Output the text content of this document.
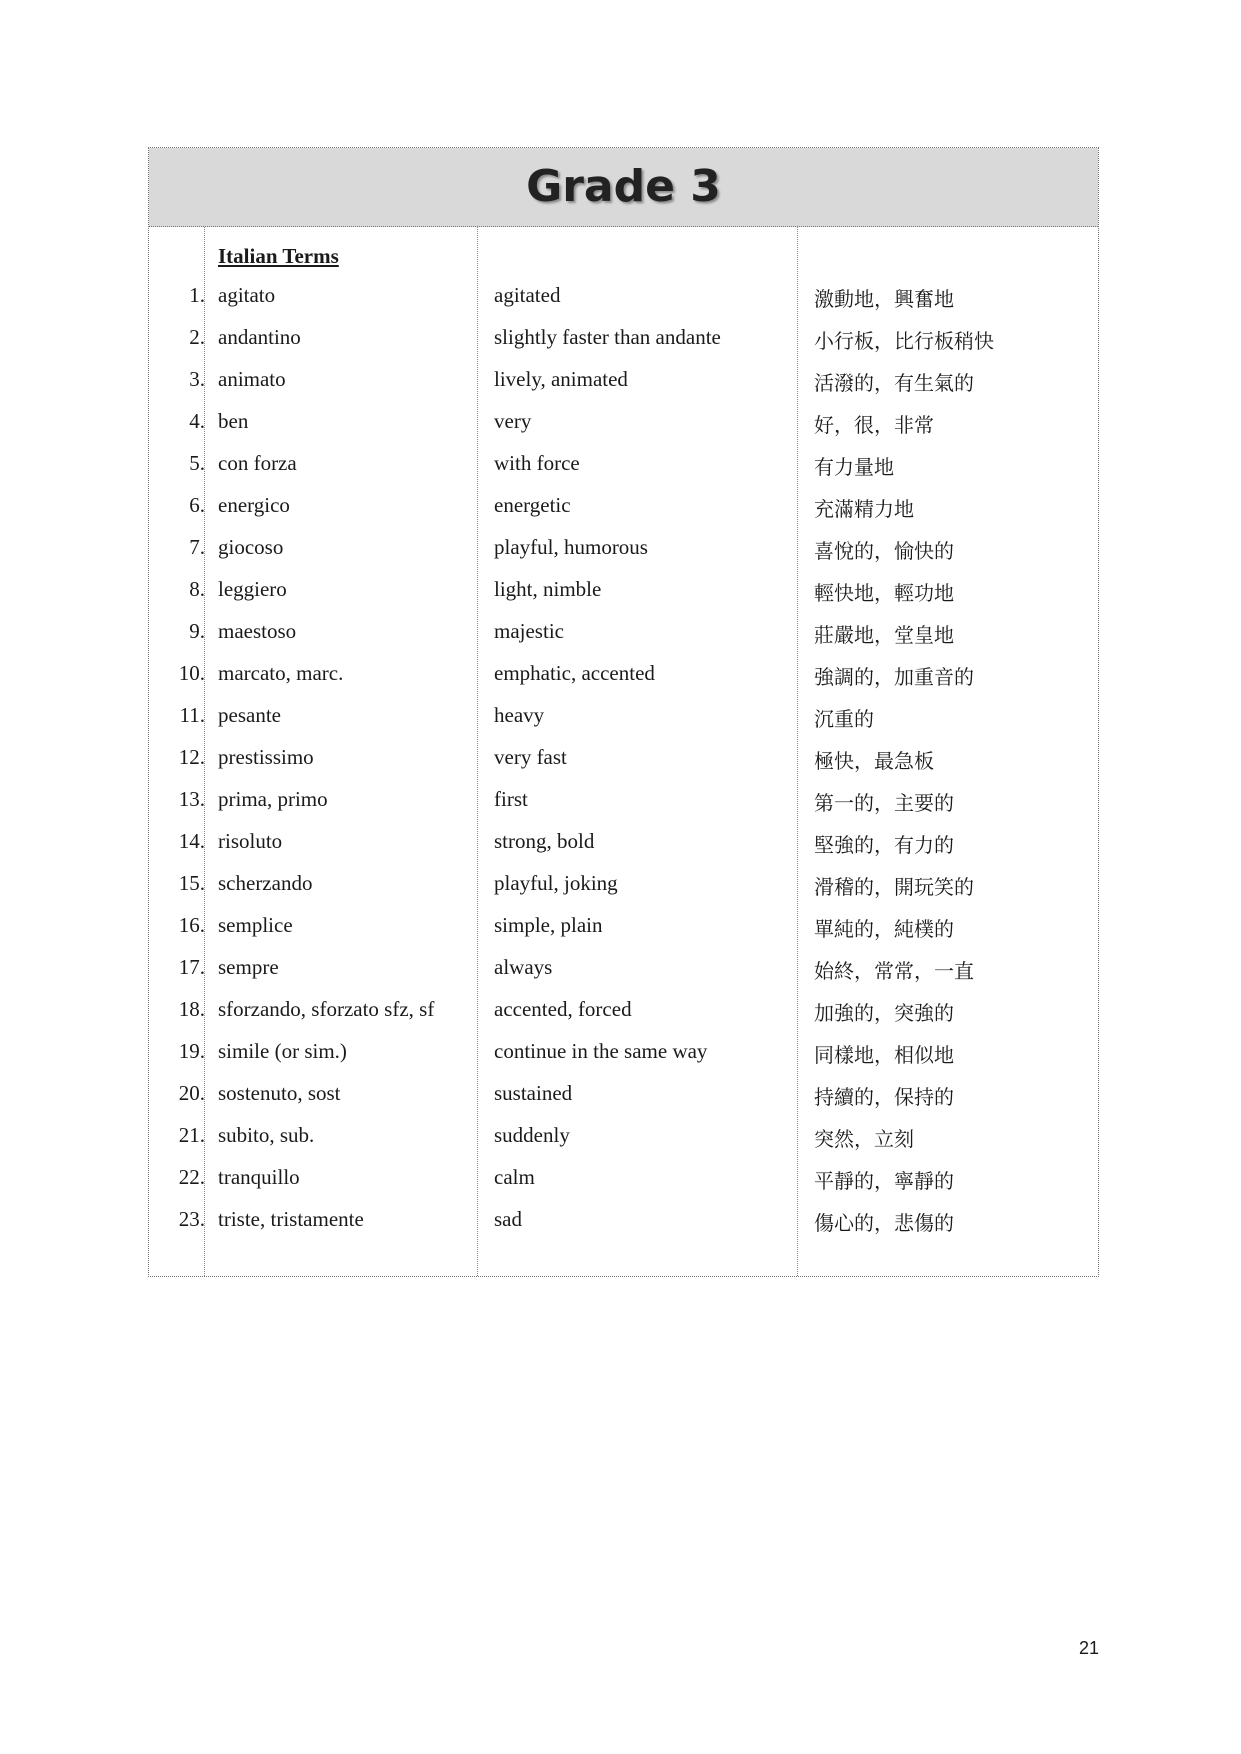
Grade 3
Italian Terms
1. agitato	agitated	激動地，興奮地
2. andantino	slightly faster than andante	小行板，比行板稍快
3. animato	lively, animated	活潑的，有生氣的
4. ben	very	好，很，非常
5. con forza	with force	有力量地
6. energico	energetic	充滿精力地
7. giocoso	playful, humorous	喜悅的，愉快的
8. leggiero	light, nimble	輕快地，輕功地
9. maestoso	majestic	莊嚴地，堂皇地
10. marcato, marc.	emphatic, accented	強調的，加重音的
11. pesante	heavy	沉重的
12. prestissimo	very fast	極快，最急板
13. prima, primo	first	第一的，主要的
14. risoluto	strong, bold	堅強的，有力的
15. scherzando	playful, joking	滑稽的，開玩笑的
16. semplice	simple, plain	單純的，純樸的
17. sempre	always	始終，常常，一直
18. sforzando, sforzato sfz, sf	accented, forced	加強的，突強的
19. simile (or sim.)	continue in the same way	同樣地，相似地
20. sostenuto, sost	sustained	持續的，保持的
21. subito, sub.	suddenly	突然，立刻
22. tranquillo	calm	平靜的，寧靜的
23. triste, tristamente	sad	傷心的，悲傷的
21
